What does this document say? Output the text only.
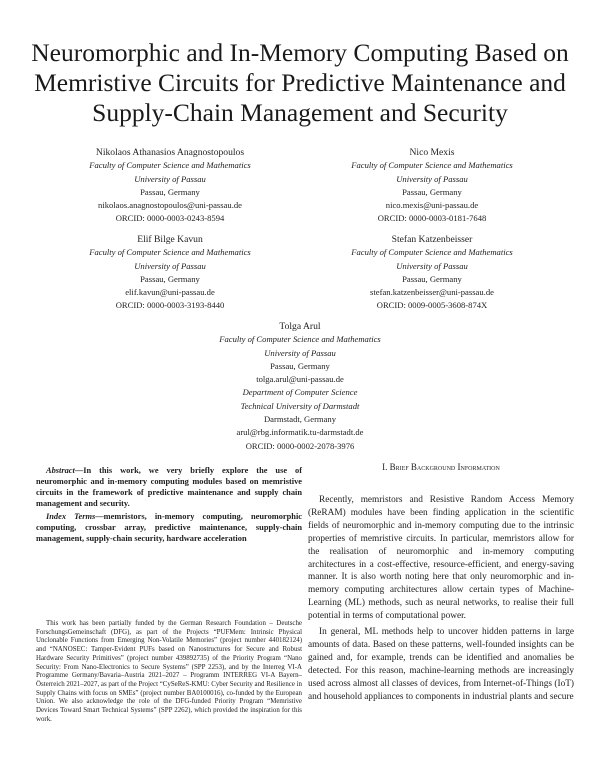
Neuromorphic and In-Memory Computing Based on Memristive Circuits for Predictive Maintenance and Supply-Chain Management and Security
Nikolaos Athanasios Anagnostopoulos
Faculty of Computer Science and Mathematics
University of Passau
Passau, Germany
nikolaos.anagnostopoulos@uni-passau.de
ORCID: 0000-0003-0243-8594
Nico Mexis
Faculty of Computer Science and Mathematics
University of Passau
Passau, Germany
nico.mexis@uni-passau.de
ORCID: 0000-0003-0181-7648
Elif Bilge Kavun
Faculty of Computer Science and Mathematics
University of Passau
Passau, Germany
elif.kavun@uni-passau.de
ORCID: 0000-0003-3193-8440
Stefan Katzenbeisser
Faculty of Computer Science and Mathematics
University of Passau
Passau, Germany
stefan.katzenbeisser@uni-passau.de
ORCID: 0009-0005-3608-874X
Tolga Arul
Faculty of Computer Science and Mathematics
University of Passau
Passau, Germany
tolga.arul@uni-passau.de
Department of Computer Science
Technical University of Darmstadt
Darmstadt, Germany
arul@rbg.informatik.tu-darmstadt.de
ORCID: 0000-0002-2078-3976

Abstract—In this work, we very briefly explore the use of neuromorphic and in-memory computing modules based on memristive circuits in the framework of predictive maintenance and supply chain management and security.

Index Terms—memristors, in-memory computing, neuromorphic computing, crossbar array, predictive maintenance, supply-chain management, supply-chain security, hardware acceleration

This work has been partially funded by the German Research Foundation – Deutsche ForschungsGemeinschaft (DFG), as part of the Projects “PUFMem: Intrinsic Physical Unclonable Functions from Emerging Non-Volatile Memories” (project number 440182124) and “NANOSEC: Tamper-Evident PUFs based on Nanostructures for Secure and Robust Hardware Security Primitives” (project number 439892735) of the Priority Program “Nano Security: From Nano-Electronics to Secure Systems” (SPP 2253), and by the Interreg VI-A Programme Germany/Bavaria–Austria 2021–2027 – Programm INTERREG VI-A Bayern–Österreich 2021–2027, as part of the Project “CySeReS-KMU: Cyber Security and Resilience in Supply Chains with focus on SMEs” (project number BA0100016), co-funded by the European Union. We also acknowledge the role of the DFG-funded Priority Program “Memristive Devices Toward Smart Technical Systems” (SPP 2262), which provided the inspiration for this work.
I. Brief Background Information

Recently, memristors and Resistive Random Access Memory (ReRAM) modules have been finding application in the scientific fields of neuromorphic and in-memory computing due to the intrinsic properties of memristive circuits. In particular, memristors allow for the realisation of neuromorphic and in-memory computing architectures in a cost-effective, resource-efficient, and energy-saving manner. It is also worth noting here that only neuromorphic and in-memory computing architectures allow certain types of Machine-Learning (ML) methods, such as neural networks, to realise their full potential in terms of computational power.

In general, ML methods help to uncover hidden patterns in large amounts of data. Based on these patterns, well-founded insights can be gained and, for example, trends can be identified and anomalies be detected. For this reason, machine-learning methods are increasingly used across almost all classes of devices, from Internet-of-Things (IoT) and household appliances to components in industrial plants and secure
